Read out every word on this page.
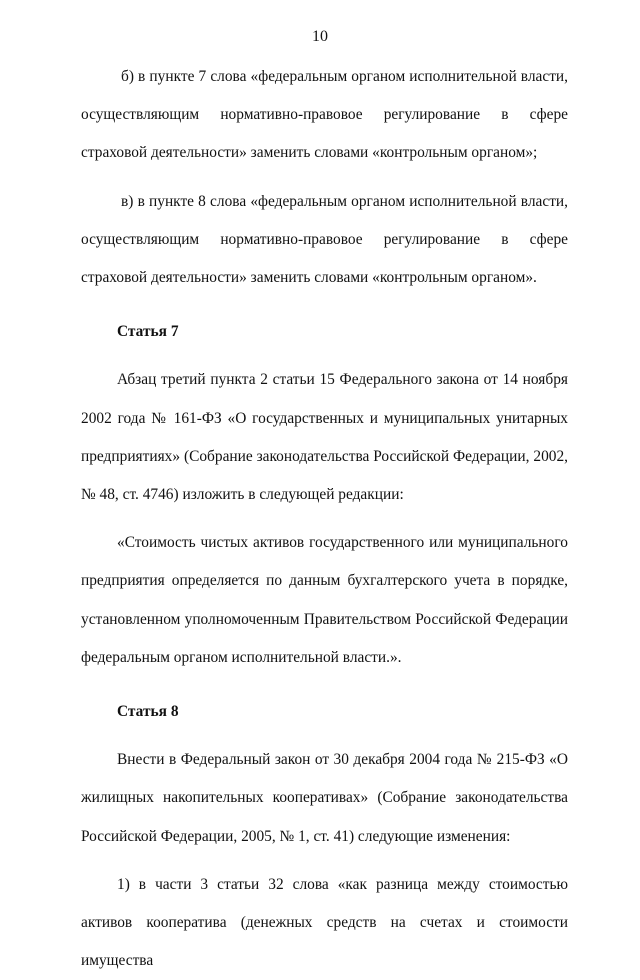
10

б) в пункте 7 слова «федеральным органом исполнительной власти, осуществляющим нормативно-правовое регулирование в сфере страховой деятельности» заменить словами «контрольным органом»;

в) в пункте 8 слова «федеральным органом исполнительной власти, осуществляющим нормативно-правовое регулирование в сфере страховой деятельности» заменить словами «контрольным органом».

Статья 7

Абзац третий пункта 2 статьи 15 Федерального закона от 14 ноября 2002 года № 161-ФЗ «О государственных и муниципальных унитарных предприятиях» (Собрание законодательства Российской Федерации, 2002, № 48, ст. 4746) изложить в следующей редакции:

«Стоимость чистых активов государственного или муниципального предприятия определяется по данным бухгалтерского учета в порядке, установленном уполномоченным Правительством Российской Федерации федеральным органом исполнительной власти.».

Статья 8

Внести в Федеральный закон от 30 декабря 2004 года № 215-ФЗ «О жилищных накопительных кооперативах» (Собрание законодательства Российской Федерации, 2005, № 1, ст. 41) следующие изменения:

1) в части 3 статьи 32 слова «как разница между стоимостью активов кооператива (денежных средств на счетах и стоимости имущества
